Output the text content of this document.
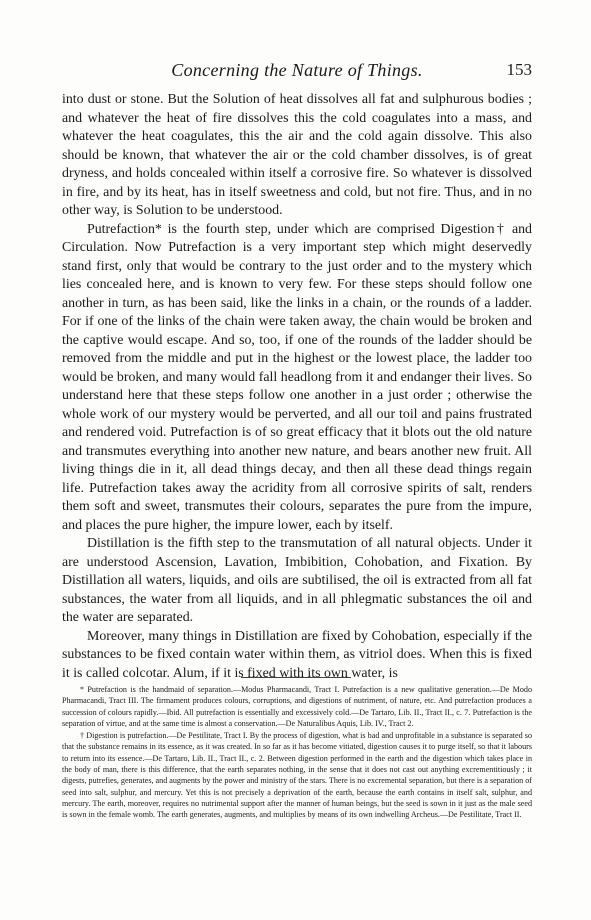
Concerning the Nature of Things.	153

into dust or stone. But the Solution of heat dissolves all fat and sulphurous bodies ; and whatever the heat of fire dissolves this the cold coagulates into a mass, and whatever the heat coagulates, this the air and the cold again dissolve. This also should be known, that whatever the air or the cold chamber dissolves, is of great dryness, and holds concealed within itself a corrosive fire. So whatever is dissolved in fire, and by its heat, has in itself sweetness and cold, but not fire. Thus, and in no other way, is Solution to be understood.

Putrefaction* is the fourth step, under which are comprised Digestion† and Circulation. Now Putrefaction is a very important step which might deservedly stand first, only that would be contrary to the just order and to the mystery which lies concealed here, and is known to very few. For these steps should follow one another in turn, as has been said, like the links in a chain, or the rounds of a ladder. For if one of the links of the chain were taken away, the chain would be broken and the captive would escape. And so, too, if one of the rounds of the ladder should be removed from the middle and put in the highest or the lowest place, the ladder too would be broken, and many would fall headlong from it and endanger their lives. So understand here that these steps follow one another in a just order ; otherwise the whole work of our mystery would be perverted, and all our toil and pains frustrated and rendered void. Putrefaction is of so great efficacy that it blots out the old nature and transmutes everything into another new nature, and bears another new fruit. All living things die in it, all dead things decay, and then all these dead things regain life. Putrefaction takes away the acridity from all corrosive spirits of salt, renders them soft and sweet, transmutes their colours, separates the pure from the impure, and places the pure higher, the impure lower, each by itself.

Distillation is the fifth step to the transmutation of all natural objects. Under it are understood Ascension, Lavation, Imbibition, Cohobation, and Fixation. By Distillation all waters, liquids, and oils are subtilised, the oil is extracted from all fat substances, the water from all liquids, and in all phlegmatic substances the oil and the water are separated.

Moreover, many things in Distillation are fixed by Cohobation, especially if the substances to be fixed contain water within them, as vitriol does. When this is fixed it is called colcotar. Alum, if it is fixed with its own water, is

* Putrefaction is the handmaid of separation.—Modus Pharmacandi, Tract I. Putrefaction is a new qualitative generation.—De Modo Pharmacandi, Tract III. The firmament produces colours, corruptions, and digestions of nutriment, of nature, etc. And putrefaction produces a succession of colours rapidly.—Ibid. All putrefaction is essentially and excessively cold.—De Tartaro, Lib. II., Tract II., c. 7. Putrefaction is the separation of virtue, and at the same time is almost a conservation.—De Naturalibus Aquis, Lib. IV., Tract 2.

† Digestion is putrefaction.—De Pestilitate, Tract I. By the process of digestion, what is bad and unprofitable in a substance is separated so that the substance remains in its essence, as it was created. In so far as it has become vitiated, digestion causes it to purge itself, so that it labours to return into its essence.—De Tartaro, Lib. II., Tract II., c. 2. Between digestion performed in the earth and the digestion which takes place in the body of man, there is this difference, that the earth separates nothing, in the sense that it does not cast out anything excrementitiously ; it digests, putrefies, generates, and augments by the power and ministry of the stars. There is no excremental separation, but there is a separation of seed into salt, sulphur, and mercury. Yet this is not precisely a deprivation of the earth, because the earth contains in itself salt, sulphur, and mercury. The earth, moreover, requires no nutrimental support after the manner of human beings, but the seed is sown in it just as the male seed is sown in the female womb. The earth generates, augments, and multiplies by means of its own indwelling Archeus.—De Pestilitate, Tract II.
